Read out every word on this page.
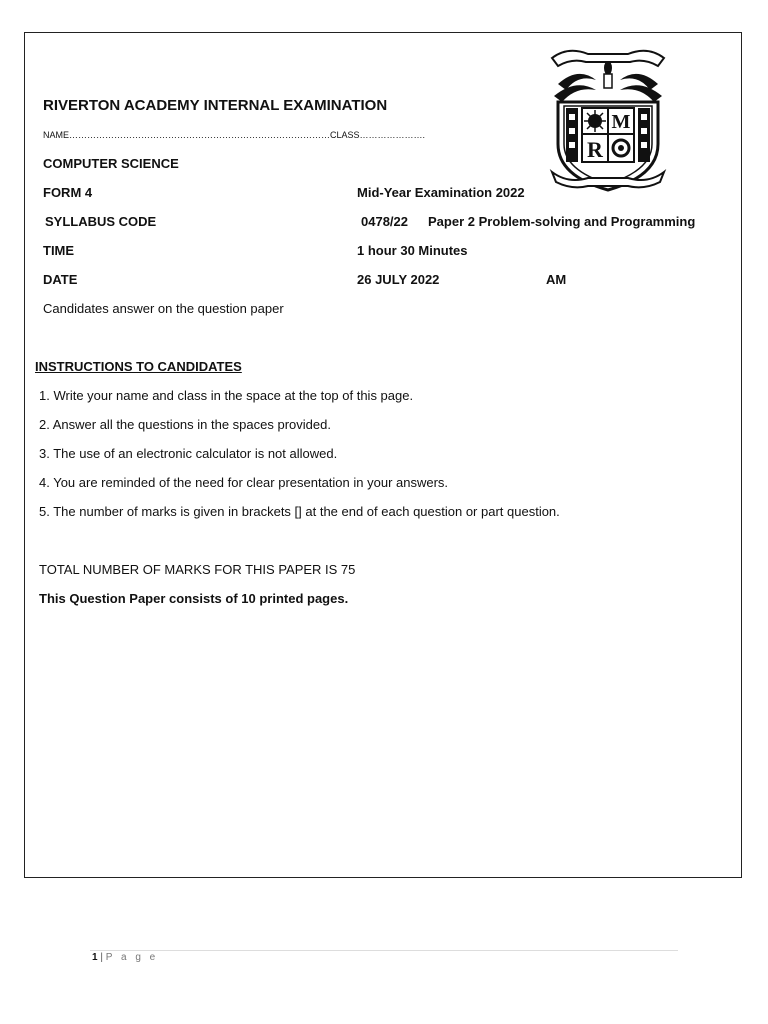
M
R
RIVERTON ACADEMY INTERNAL EXAMINATION
NAME……………………………………………………………………………CLASS………………….
COMPUTER SCIENCE
FORM 4	Mid-Year Examination 2022
SYLLABUS CODE	0478/22 Paper 2 Problem-solving and Programming
TIME	1 hour 30 Minutes
DATE	26 JULY 2022	AM
Candidates answer on the question paper
INSTRUCTIONS TO CANDIDATES
1. Write your name and class in the space at the top of this page.
2. Answer all the questions in the spaces provided.
3. The use of an electronic calculator is not allowed.
4. You are reminded of the need for clear presentation in your answers.
5. The number of marks is given in brackets [] at the end of each question or part question.
TOTAL NUMBER OF MARKS FOR THIS PAPER IS 75
This Question Paper consists of 10 printed pages.
1 | P a g e
